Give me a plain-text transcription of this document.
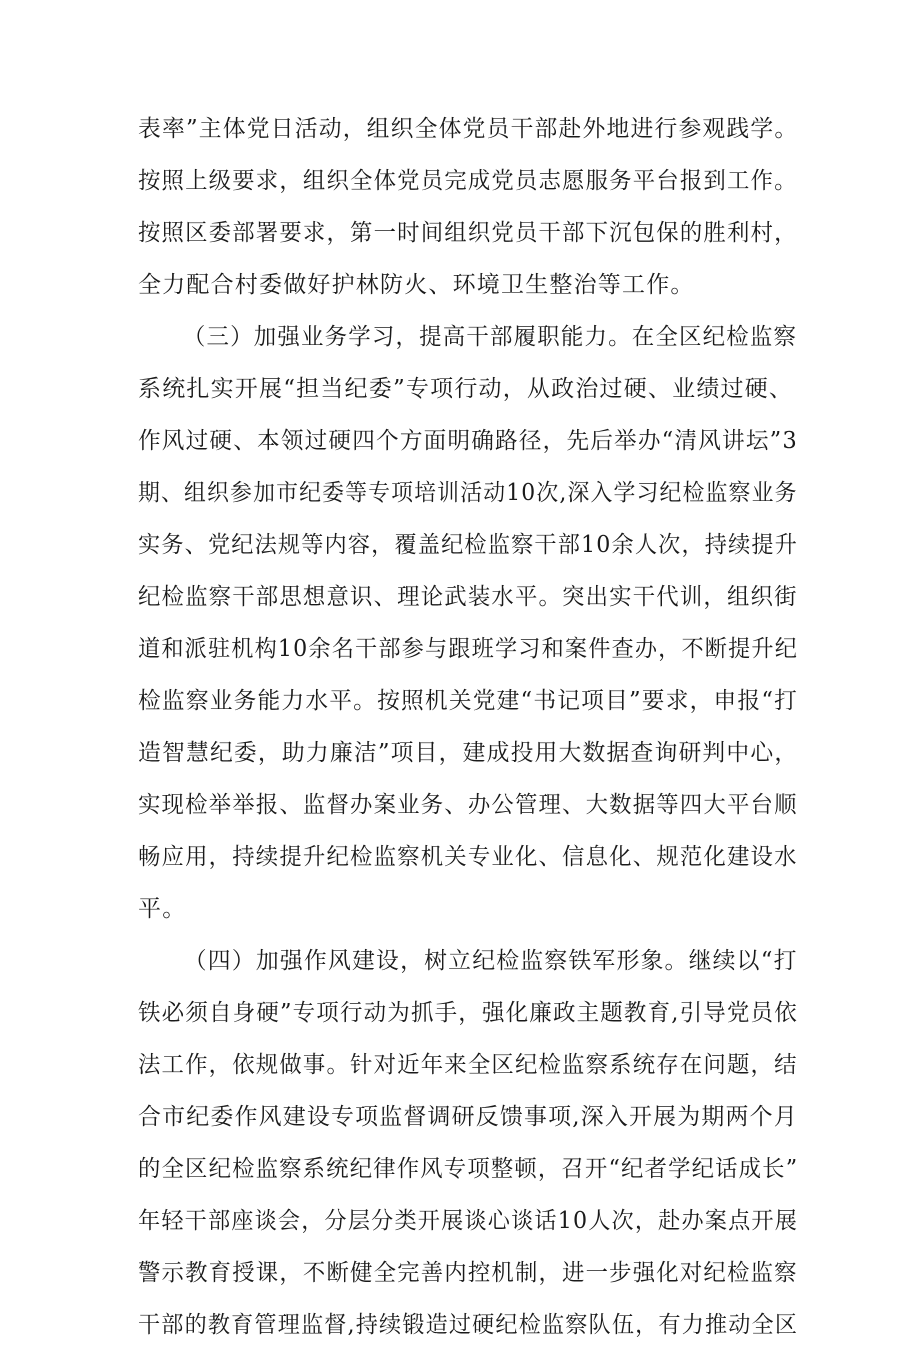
表率”主体党日活动，组织全体党员干部赴外地进行参观践学。
按照上级要求，组织全体党员完成党员志愿服务平台报到工作。
按照区委部署要求，第一时间组织党员干部下沉包保的胜利村，
全力配合村委做好护林防火、环境卫生整治等工作。
（三）加强业务学习，提高干部履职能力。在全区纪检监察
系统扎实开展“担当纪委”专项行动，从政治过硬、业绩过硬、
作风过硬、本领过硬四个方面明确路径，先后举办“清风讲坛”3
期、组织参加市纪委等专项培训活动10次,深入学习纪检监察业务
实务、党纪法规等内容，覆盖纪检监察干部10余人次，持续提升
纪检监察干部思想意识、理论武装水平。突出实干代训，组织街
道和派驻机构10余名干部参与跟班学习和案件查办，不断提升纪
检监察业务能力水平。按照机关党建“书记项目”要求，申报“打
造智慧纪委，助力廉洁”项目，建成投用大数据查询研判中心，
实现检举举报、监督办案业务、办公管理、大数据等四大平台顺
畅应用，持续提升纪检监察机关专业化、信息化、规范化建设水
平。
（四）加强作风建设，树立纪检监察铁军形象。继续以“打
铁必须自身硬”专项行动为抓手，强化廉政主题教育,引导党员依
法工作，依规做事。针对近年来全区纪检监察系统存在问题，结
合市纪委作风建设专项监督调研反馈事项,深入开展为期两个月
的全区纪检监察系统纪律作风专项整顿，召开“纪者学纪话成长”
年轻干部座谈会，分层分类开展谈心谈话10人次，赴办案点开展
警示教育授课，不断健全完善内控机制，进一步强化对纪检监察
干部的教育管理监督,持续锻造过硬纪检监察队伍，有力推动全区
